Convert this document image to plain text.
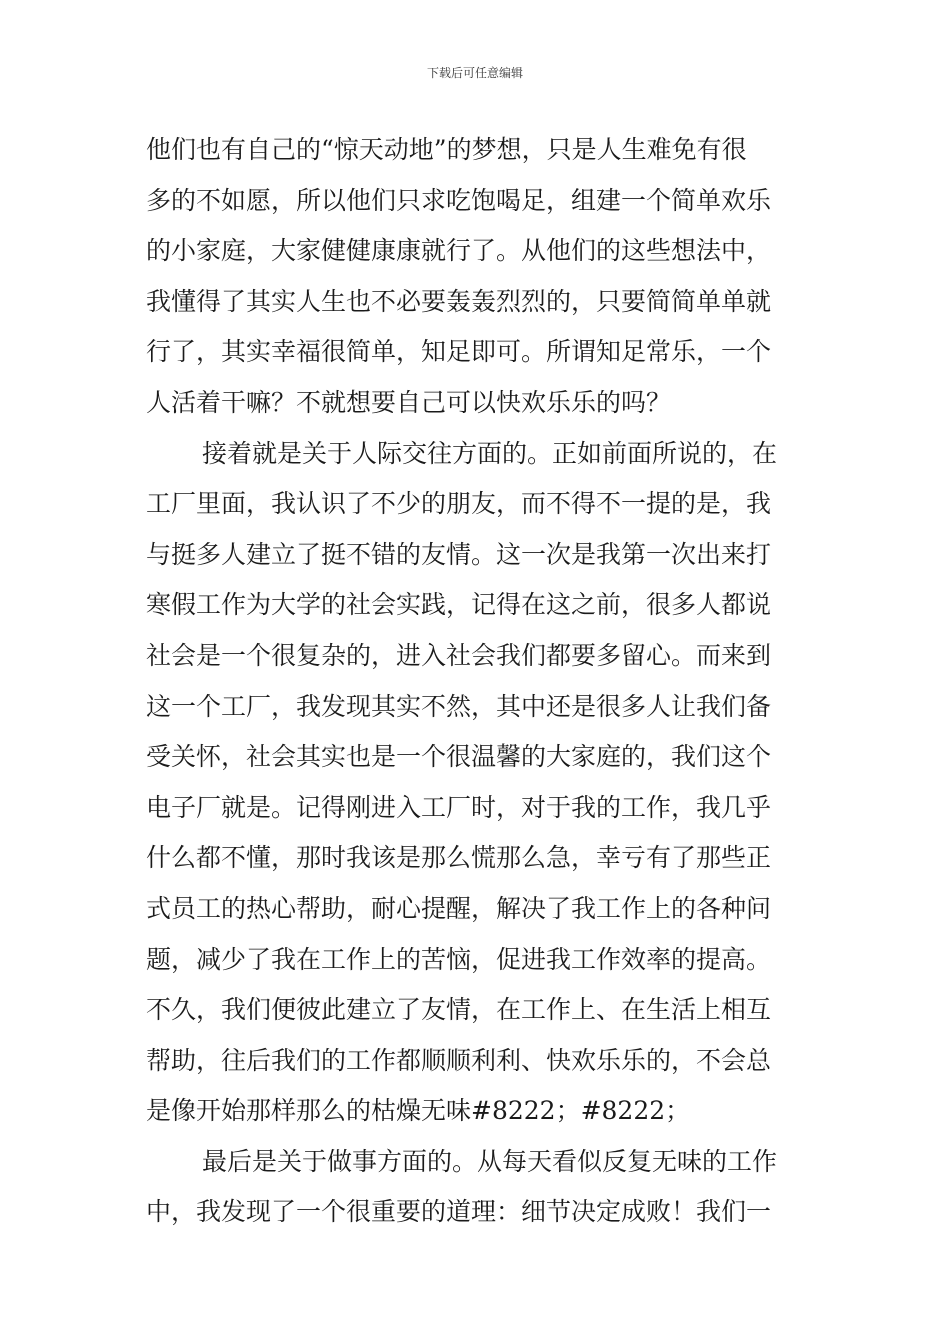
下载后可任意编辑
他们也有自己的“惊天动地”的梦想，只是人生难免有很
多的不如愿，所以他们只求吃饱喝足，组建一个简单欢乐
的小家庭，大家健健康康就行了。从他们的这些想法中，
我懂得了其实人生也不必要轰轰烈烈的，只要简简单单就
行了，其实幸福很简单，知足即可。所谓知足常乐，一个
人活着干嘛？不就想要自己可以快欢乐乐的吗？
接着就是关于人际交往方面的。正如前面所说的，在
工厂里面，我认识了不少的朋友，而不得不一提的是，我
与挺多人建立了挺不错的友情。这一次是我第一次出来打
寒假工作为大学的社会实践，记得在这之前，很多人都说
社会是一个很复杂的，进入社会我们都要多留心。而来到
这一个工厂，我发现其实不然，其中还是很多人让我们备
受关怀，社会其实也是一个很温馨的大家庭的，我们这个
电子厂就是。记得刚进入工厂时，对于我的工作，我几乎
什么都不懂，那时我该是那么慌那么急，幸亏有了那些正
式员工的热心帮助，耐心提醒，解决了我工作上的各种问
题，减少了我在工作上的苦恼，促进我工作效率的提高。
不久，我们便彼此建立了友情，在工作上、在生活上相互
帮助，往后我们的工作都顺顺利利、快欢乐乐的，不会总
是像开始那样那么的枯燥无味#8222；#8222；
最后是关于做事方面的。从每天看似反复无味的工作
中，我发现了一个很重要的道理：细节决定成败！我们一
